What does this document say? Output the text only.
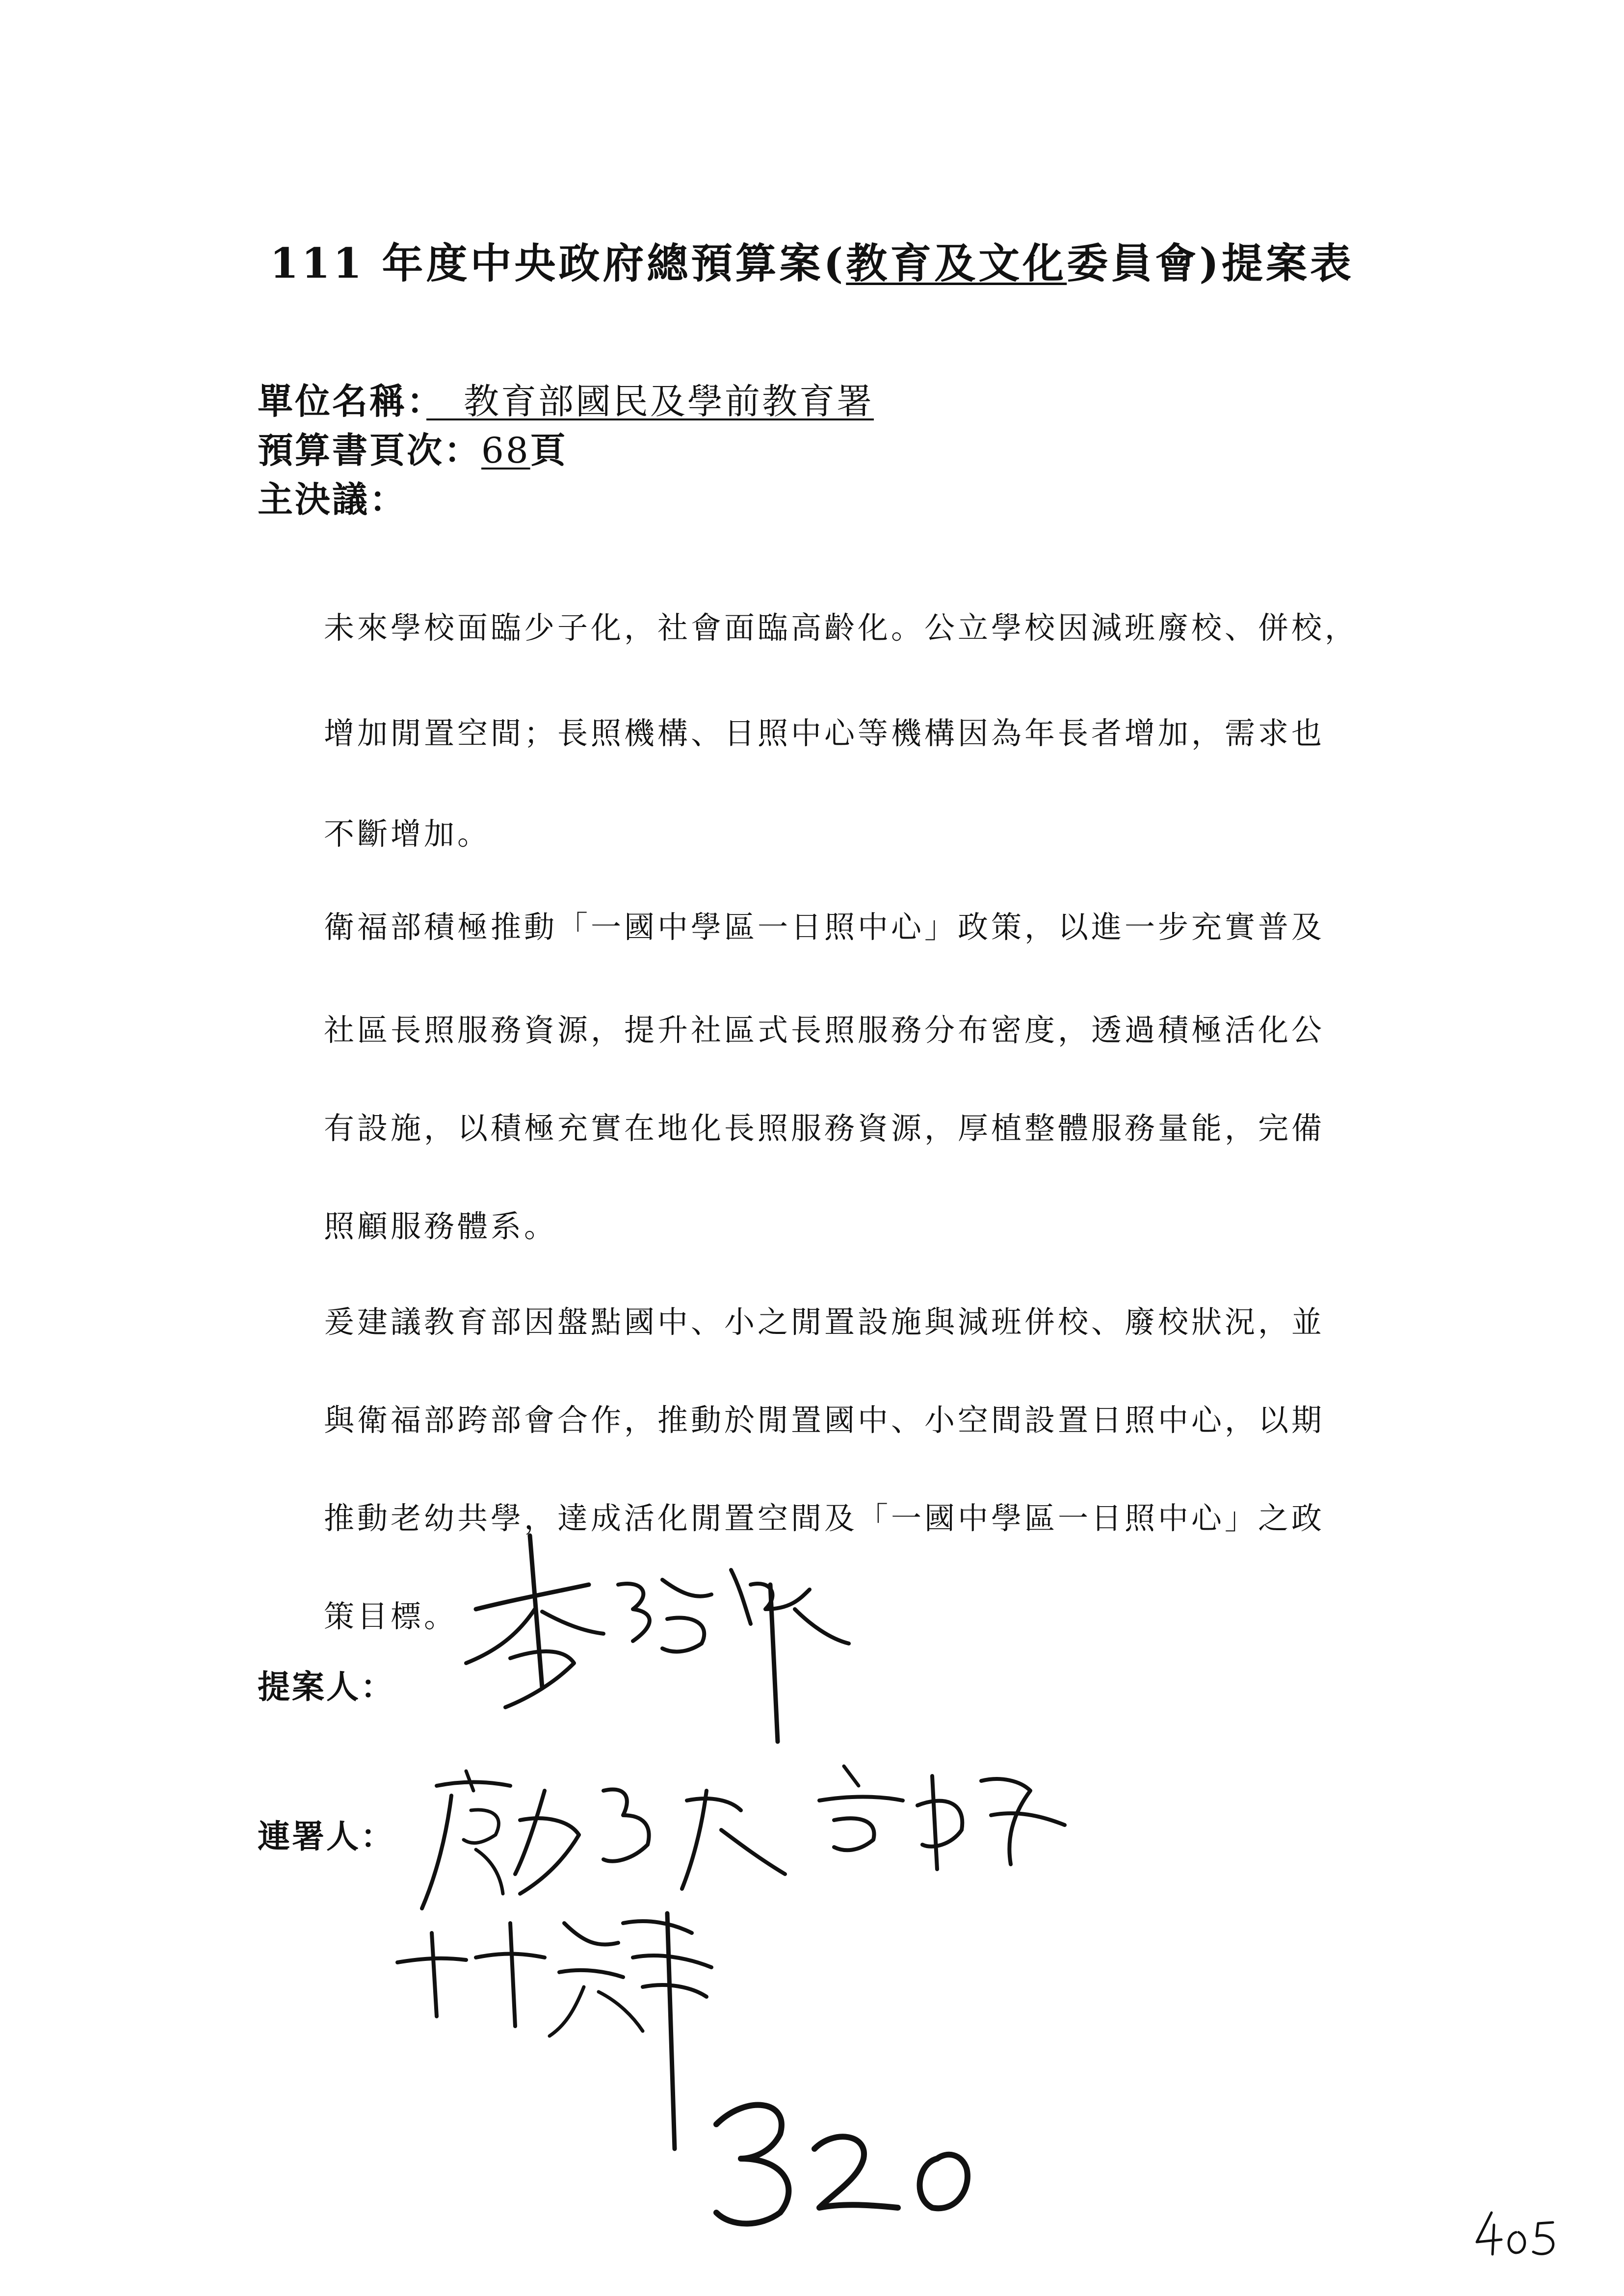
111 年度中央政府總預算案(教育及文化委員會)提案表
單位名稱：　教育部國民及學前教育署
預算書頁次：68頁
主決議：
未來學校面臨少子化，社會面臨高齡化。公立學校因減班廢校、併校，
增加閒置空間；長照機構、日照中心等機構因為年長者增加，需求也
不斷增加。
衛福部積極推動「一國中學區一日照中心」政策，以進一步充實普及
社區長照服務資源，提升社區式長照服務分布密度，透過積極活化公
有設施，以積極充實在地化長照服務資源，厚植整體服務量能，完備
照顧服務體系。
爰建議教育部因盤點國中、小之閒置設施與減班併校、廢校狀況，並
與衛福部跨部會合作，推動於閒置國中、小空間設置日照中心，以期
推動老幼共學，達成活化閒置空間及「一國中學區一日照中心」之政
策目標。
提案人：
連署人：
